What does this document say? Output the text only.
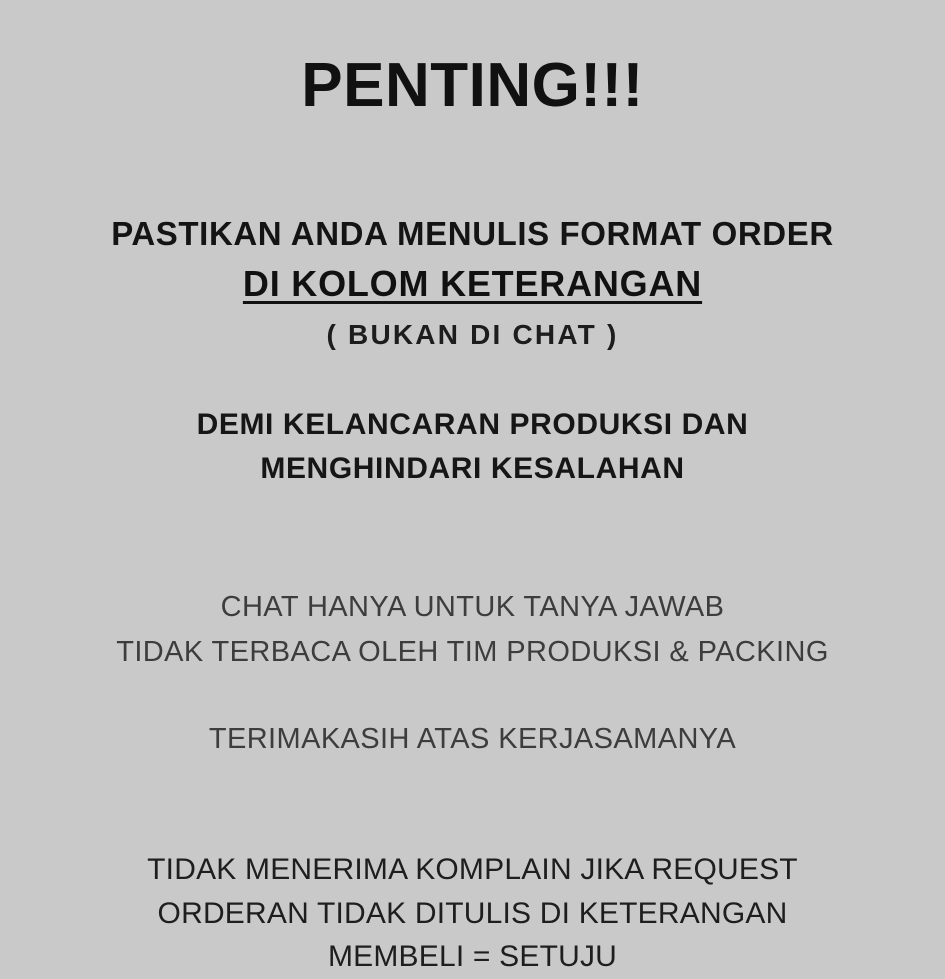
PENTING!!!
PASTIKAN ANDA MENULIS FORMAT ORDER
DI KOLOM KETERANGAN
( BUKAN DI CHAT )
DEMI KELANCARAN PRODUKSI DAN
MENGHINDARI KESALAHAN
CHAT HANYA UNTUK TANYA JAWAB
TIDAK TERBACA OLEH TIM PRODUKSI & PACKING
TERIMAKASIH ATAS KERJASAMANYA
TIDAK MENERIMA KOMPLAIN JIKA REQUEST
ORDERAN TIDAK DITULIS DI KETERANGAN
MEMBELI = SETUJU
